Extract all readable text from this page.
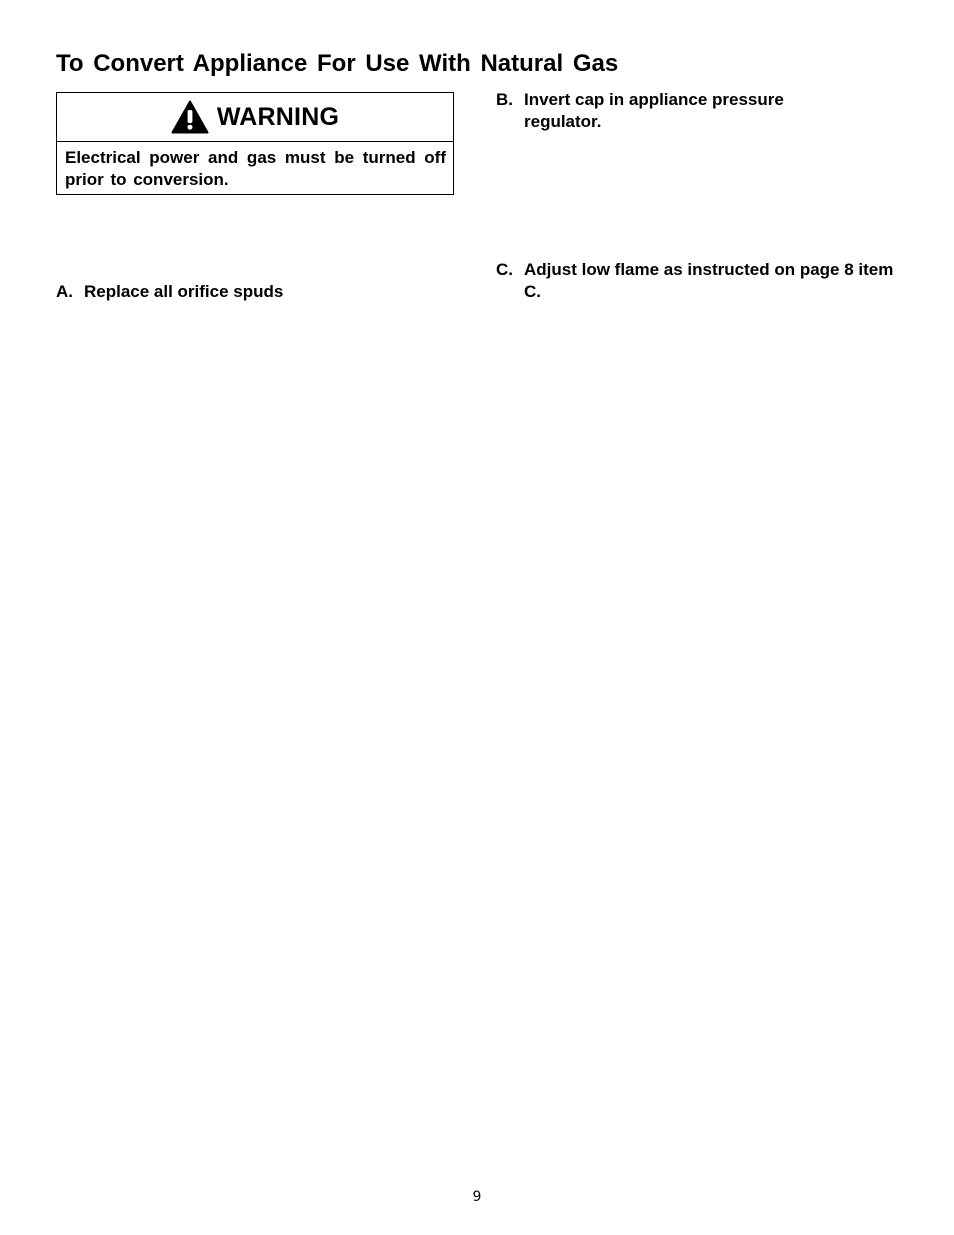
To Convert Appliance For Use With Natural Gas
WARNING
Electrical power and gas must be turned off prior to conversion.
A. Replace all orifice spuds
B. Invert cap in appliance pressure regulator.
C. Adjust low flame as instructed on page 8 item C.
9
